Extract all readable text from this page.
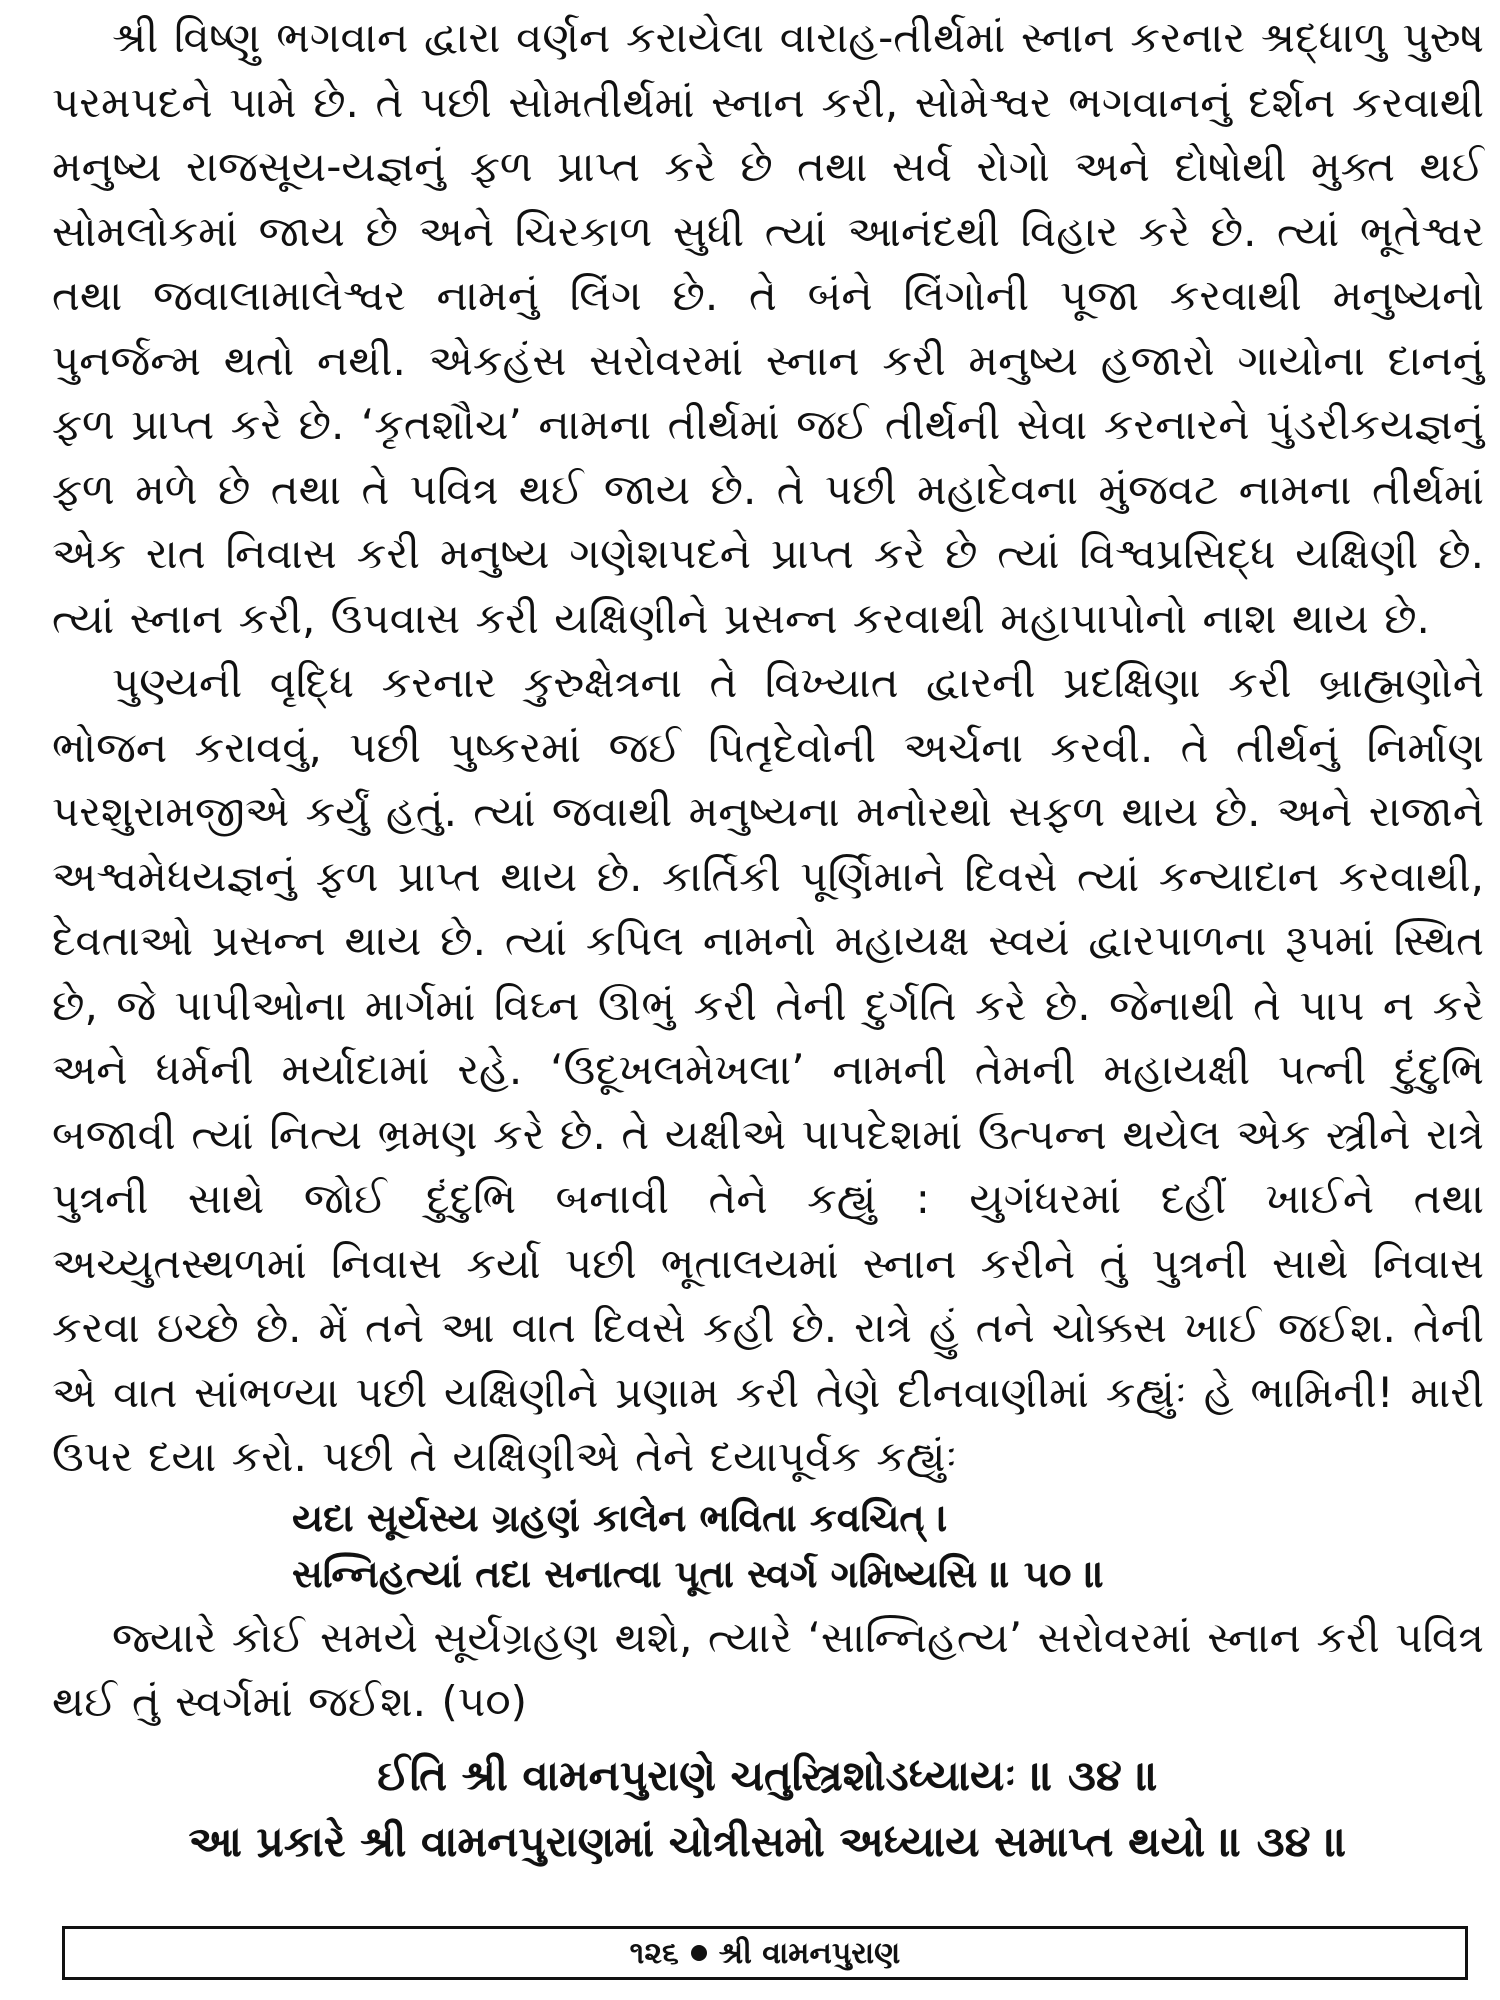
શ્રી વિષ્ણુ ભગવાન દ્વારા વર્ણન કરાયેલા વારાહ-તીર્થમાં સ્નાન કરનાર શ્રદ્ધાળુ પુરુષ પરમપદને પામે છે. તે પછી સોમતીર્થમાં સ્નાન કરી, સોમેશ્વર ભગવાનનું દર્શન કરવાથી મનુષ્ય રાજસૂય-યજ્ઞનું ફળ પ્રાપ્ત કરે છે તથા સર્વ રોગો અને દોષોથી મુક્ત થઈ સોમલોકમાં જાય છે અને ચિરકાળ સુધી ત્યાં આનંદથી વિહાર કરે છે. ત્યાં ભૂતેશ્વર તથા જવાલામાલેશ્વર નામનું લિંગ છે. તે બંને લિંગોની પૂજા કરવાથી મનુષ્યનો પુનર્જન્મ થતો નથી. એકહંસ સરોવરમાં સ્નાન કરી મનુષ્ય હજારો ગાયોના દાનનું ફળ પ્રાપ્ત કરે છે. ‘કૃતશૌચ’ નામના તીર્થમાં જઈ તીર્થની સેવા કરનારને પુંડરીકયજ્ઞનું ફળ મળે છે તથા તે પવિત્ર થઈ જાય છે. તે પછી મહાદેવના મુંજવટ નામના તીર્થમાં એક રાત નિવાસ કરી મનુષ્ય ગણેશપદને પ્રાપ્ત કરે છે ત્યાં વિશ્વપ્રસિદ્ધ યક્ષિણી છે. ત્યાં સ્નાન કરી, ઉપવાસ કરી યક્ષિણીને પ્રસન્ન કરવાથી મહાપાપોનો નાશ થાય છે.

પુણ્યની વૃદ્ધિ કરનાર કુરુક્ષેત્રના તે વિખ્યાત દ્વારની પ્રદક્ષિણા કરી બ્રાહ્મણોને ભોજન કરાવવું, પછી પુષ્કરમાં જઈ પિતૃદેવોની અર્ચના કરવી. તે તીર્થનું નિર્માણ પરશુરામજીએ કર્યું હતું. ત્યાં જવાથી મનુષ્યના મનોરથો સફળ થાય છે. અને રાજાને અશ્વમેધયજ્ઞનું ફળ પ્રાપ્ત થાય છે. કાર્તિકી પૂર્ણિમાને દિવસે ત્યાં કન્યાદાન કરવાથી, દેવતાઓ પ્રસન્ન થાય છે. ત્યાં કપિલ નામનો મહાયક્ષ સ્વયં દ્વારપાળના રૂપમાં સ્થિત છે, જે પાપીઓના માર્ગમાં વિઘ્ન ઊભું કરી તેની દુર્ગતિ કરે છે. જેનાથી તે પાપ ન કરે અને ધર્મની મર્યાદામાં રહે. ‘ઉદૂખલમેખલા’ નામની તેમની મહાયક્ષી પત્ની દુંદુભિ બજાવી ત્યાં નિત્ય ભ્રમણ કરે છે. તે યક્ષીએ પાપદેશમાં ઉત્પન્ન થયેલ એક સ્ત્રીને રાત્રે પુત્રની સાથે જોઈ દુંદુભિ બનાવી તેને કહ્યું : યુગંધરમાં દહીં ખાઈને તથા અચ્યુતસ્થળમાં નિવાસ કર્યા પછી ભૂતાલયમાં સ્નાન કરીને તું પુત્રની સાથે નિવાસ કરવા ઇચ્છે છે. મેં તને આ વાત દિવસે કહી છે. રાત્રે હું તને ચોક્કસ ખાઈ જઈશ. તેની એ વાત સાંભળ્યા પછી યક્ષિણીને પ્રણામ કરી તેણે દીનવાણીમાં કહ્યુંઃ હે ભામિની! મારી ઉપર દયા કરો. પછી તે યક્ષિણીએ તેને દયાપૂર્વક કહ્યુંઃ

યદા સૂર્યસ્ય ગ્રહણં કાલેન ભવિતા કવચિત્ ।
સન્નિહત્યાં તદા સનાત્વા પૂતા સ્વર્ગ ગમિષ્યસિ ॥ ૫૦ ॥

જ્યારે કોઈ સમયે સૂર્યગ્રહણ થશે, ત્યારે ‘સાન્નિહત્ય’ સરોવરમાં સ્નાન કરી પવિત્ર થઈ તું સ્વર્ગમાં જઈશ. (૫૦)

ઈતિ શ્રી વામનપુરાણે ચતુસ્ત્રિશોડધ્યાયઃ ॥ ૩૪ ॥

આ પ્રકારે શ્રી વામનપુરાણમાં ચોત્રીસમો અધ્યાય સમાપ્ત થયો ॥ ૩૪ ॥

૧૨૬ શ્રી વામનપુરાણ
